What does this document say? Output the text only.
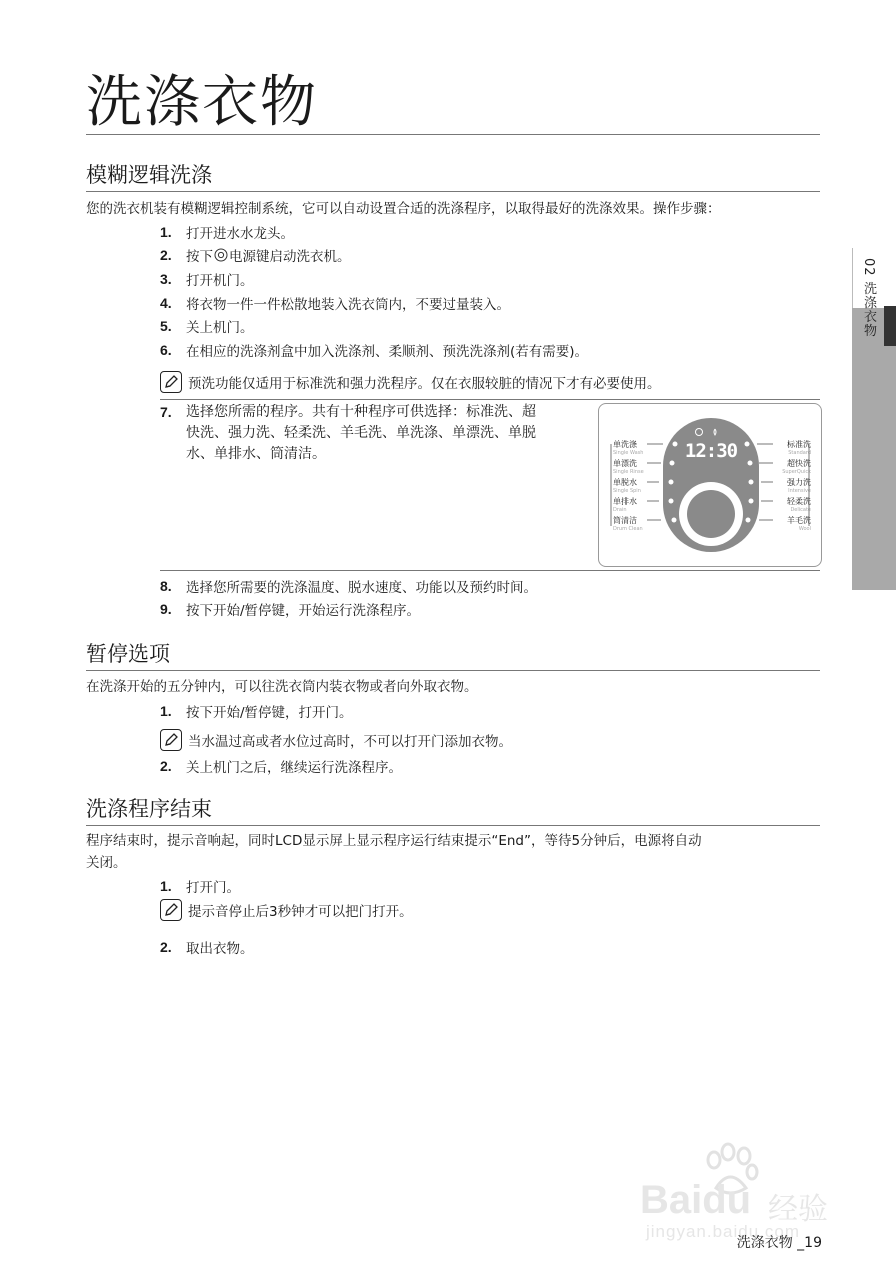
洗涤衣物
02 洗涤衣物
模糊逻辑洗涤
您的洗衣机装有模糊逻辑控制系统，它可以自动设置合适的洗涤程序，以取得最好的洗涤效果。操作步骤：
1.	打开进水水龙头。
2.	按下 电源键启动洗衣机。
3.	打开机门。
4.	将衣物一件一件松散地装入洗衣筒内，不要过量装入。
5.	关上机门。
6.	在相应的洗涤剂盒中加入洗涤剂、柔顺剂、预洗洗涤剂(若有需要)。
预洗功能仅适用于标准洗和强力洗程序。仅在衣服较脏的情况下才有必要使用。
7.	选择您所需的程序。共有十种程序可供选择：标准洗、超
快洗、强力洗、轻柔洗、羊毛洗、单洗涤、单漂洗、单脱
水、单排水、筒清洁。
单洗涤
Single Wash
单漂洗
Single Rinse
单脱水
Single Spin
单排水
Drain
筒清洁
Drum Clean
标准洗
Standard
超快洗
SuperQuick
强力洗
Intensive
轻柔洗
Delicate
羊毛洗
Wool
12:30
8.	选择您所需要的洗涤温度、脱水速度、功能以及预约时间。
9.	按下开始/暂停键，开始运行洗涤程序。
暂停选项
在洗涤开始的五分钟内，可以往洗衣筒内装衣物或者向外取衣物。
1.	按下开始/暂停键，打开门。
当水温过高或者水位过高时，不可以打开门添加衣物。
2.	关上机门之后，继续运行洗涤程序。
洗涤程序结束
程序结束时，提示音响起，同时LCD显示屏上显示程序运行结束提示“End”，等待5分钟后，电源将自动
关闭。
1.	打开门。
提示音停止后3秒钟才可以把门打开。
2.	取出衣物。
Baidu 经验
jingyan.baidu.com
洗涤衣物 _19
